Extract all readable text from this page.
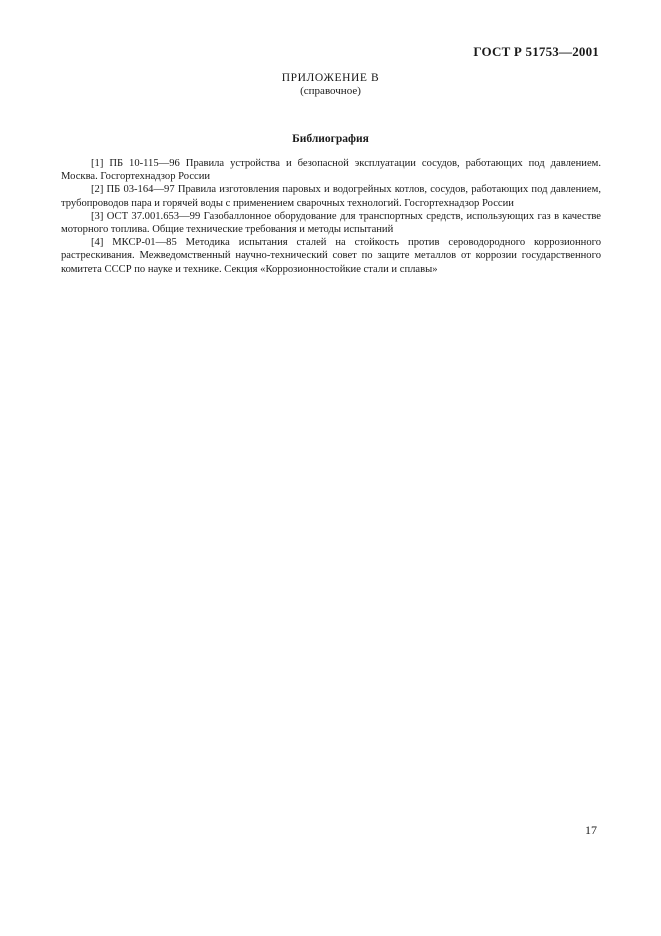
ГОСТ Р 51753—2001
ПРИЛОЖЕНИЕ В
(справочное)
Библиография

[1] ПБ 10-115—96 Правила устройства и безопасной эксплуатации сосудов, работающих под давлением. Москва. Госгортехнадзор России

[2] ПБ 03-164—97 Правила изготовления паровых и водогрейных котлов, сосудов, работающих под давлением, трубопроводов пара и горячей воды с применением сварочных технологий. Госгортехнадзор России

[3] ОСТ 37.001.653—99 Газобаллонное оборудование для транспортных средств, использующих газ в качестве моторного топлива. Общие технические требования и методы испытаний

[4] МКСР-01—85 Методика испытания сталей на стойкость против сероводородного коррозионного растрескивания. Межведомственный научно-технический совет по защите металлов от коррозии государственного комитета СССР по науке и технике. Секция «Коррозионностойкие стали и сплавы»

17
